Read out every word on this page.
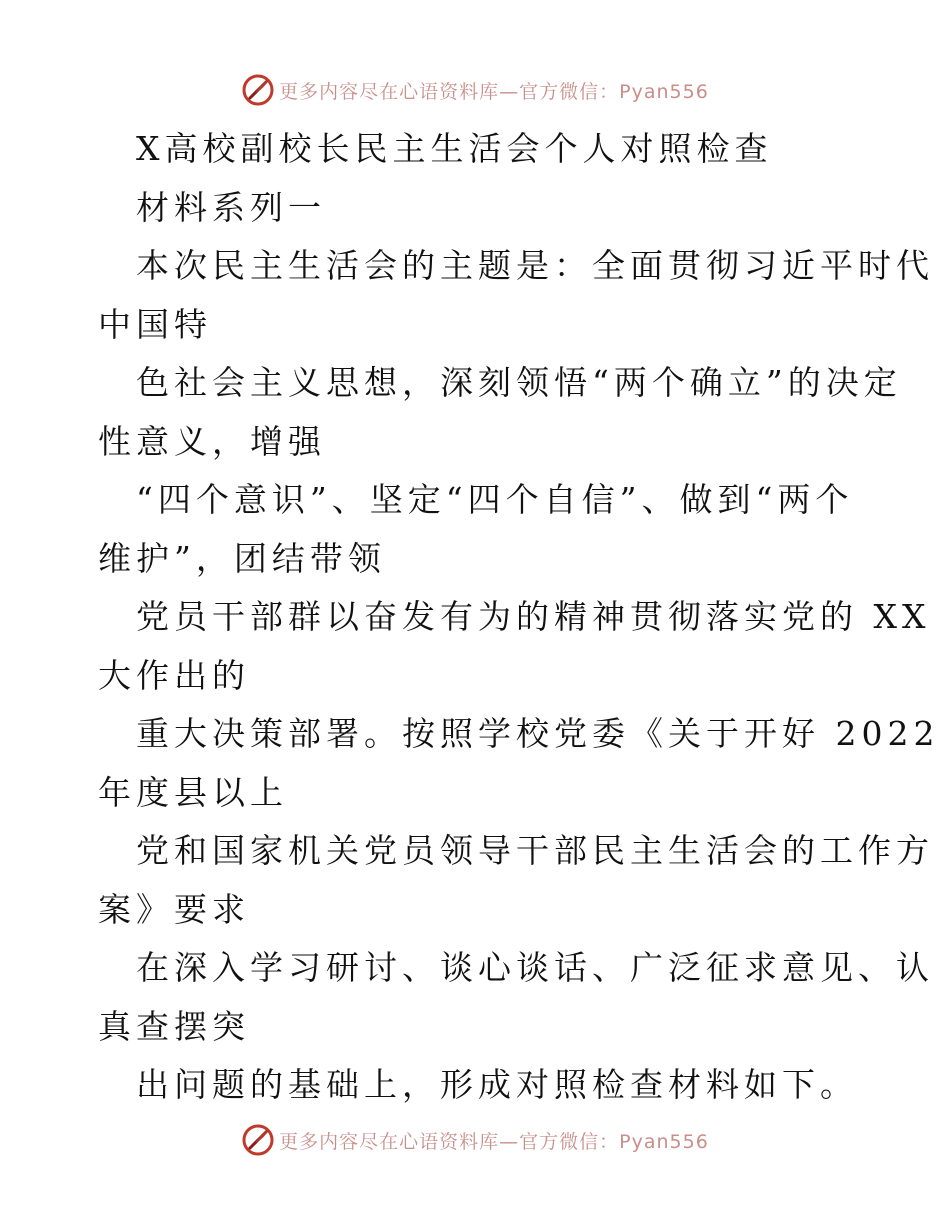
更多内容尽在心语资料库—官方微信：Pyan556
X高校副校长民主生活会个人对照检查
材料系列一
本次民主生活会的主题是：全面贯彻习近平时代
中国特
色社会主义思想，深刻领悟“两个确立”的决定
性意义，增强
“四个意识”、坚定“四个自信”、做到“两个
维护”，团结带领
党员干部群以奋发有为的精神贯彻落实党的 XX
大作出的
重大决策部署。按照学校党委《关于开好 2022
年度县以上
党和国家机关党员领导干部民主生活会的工作方
案》要求
在深入学习研讨、谈心谈话、广泛征求意见、认
真查摆突
出问题的基础上，形成对照检查材料如下。
更多内容尽在心语资料库—官方微信：Pyan556
